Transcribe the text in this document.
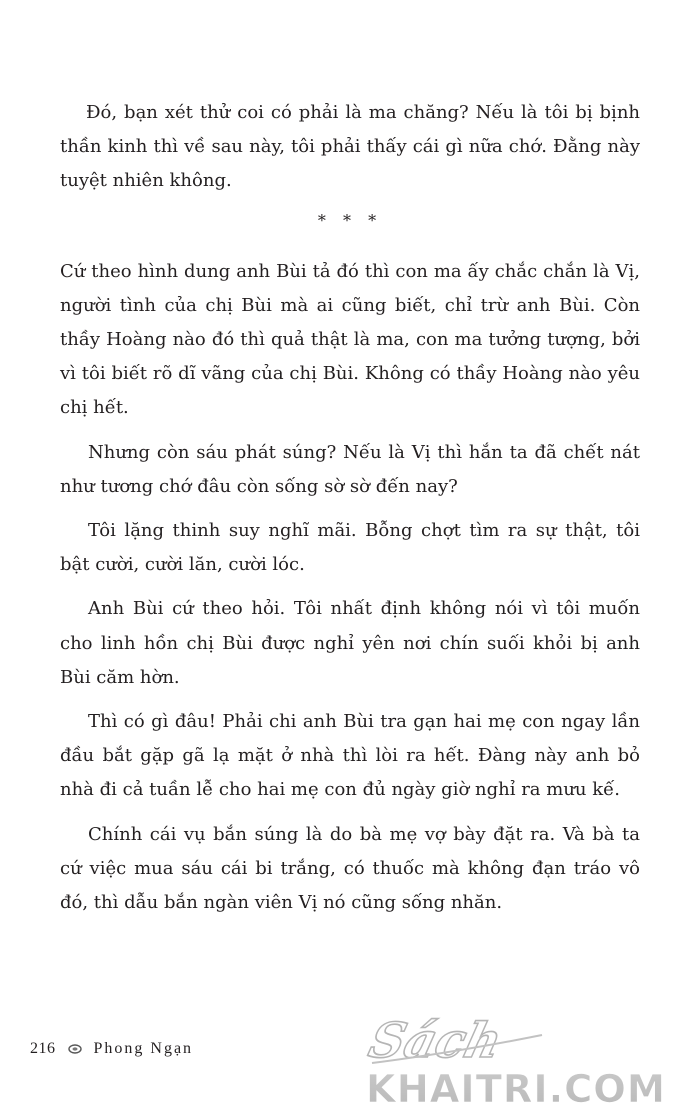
Đó, bạn xét thử coi có phải là ma chăng? Nếu là tôi bị bịnh thần kinh thì về sau này, tôi phải thấy cái gì nữa chớ. Đằng này tuyệt nhiên không.

* * *

Cứ theo hình dung anh Bùi tả đó thì con ma ấy chắc chắn là Vị, người tình của chị Bùi mà ai cũng biết, chỉ trừ anh Bùi. Còn thầy Hoàng nào đó thì quả thật là ma, con ma tưởng tượng, bởi vì tôi biết rõ dĩ vãng của chị Bùi. Không có thầy Hoàng nào yêu chị hết.

Nhưng còn sáu phát súng? Nếu là Vị thì hắn ta đã chết nát như tương chớ đâu còn sống sờ sờ đến nay?

Tôi lặng thinh suy nghĩ mãi. Bỗng chợt tìm ra sự thật, tôi bật cười, cười lăn, cười lóc.

Anh Bùi cứ theo hỏi. Tôi nhất định không nói vì tôi muốn cho linh hồn chị Bùi được nghỉ yên nơi chín suối khỏi bị anh Bùi căm hờn.

Thì có gì đâu! Phải chi anh Bùi tra gạn hai mẹ con ngay lần đầu bắt gặp gã lạ mặt ở nhà thì lòi ra hết. Đàng này anh bỏ nhà đi cả tuần lễ cho hai mẹ con đủ ngày giờ nghỉ ra mưu kế.

Chính cái vụ bắn súng là do bà mẹ vợ bày đặt ra. Và bà ta cứ việc mua sáu cái bi trắng, có thuốc mà không đạn tráo vô đó, thì dẫu bắn ngàn viên Vị nó cũng sống nhăn.

216 Phong Ngạn	Sách
KHAITRI.COM
